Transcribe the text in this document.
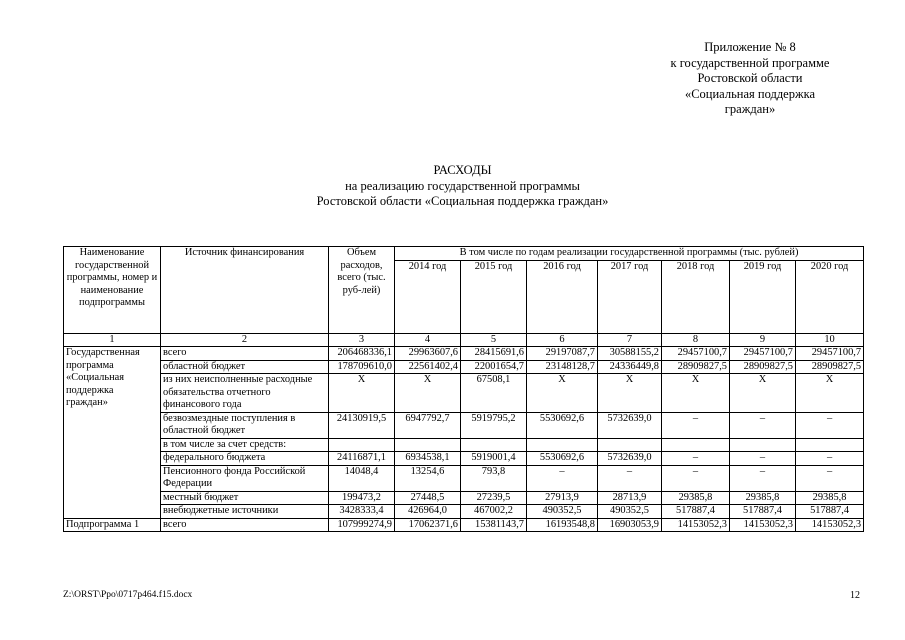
Приложение № 8
к государственной программе
Ростовской области
«Социальная поддержка
граждан»
РАСХОДЫ
на реализацию государственной программы
Ростовской области «Социальная поддержка граждан»
Наименование государственной программы, номер и наименование подпрограммы	Источник финансирования	Объем расходов, всего (тыс. руб-лей)	В том числе по годам реализации государственной программы (тыс. рублей)						
			2014 год	2015 год	2016 год	2017 год	2018 год	2019 год	2020 год
1	2	3	4	5	6	7	8	9	10
Государственная программа «Социальная поддержка граждан»	всего	206468336,1	29963607,6	28415691,6	29197087,7	30588155,2	29457100,7	29457100,7	29457100,7
	областной бюджет	178709610,0	22561402,4	22001654,7	23148128,7	24336449,8	28909827,5	28909827,5	28909827,5
	из них неисполненные расходные обязательства отчетного финансового года	X	X	67508,1	X	X	X	X	X
	безвозмездные поступления в областной бюджет	24130919,5	6947792,7	5919795,2	5530692,6	5732639,0	–	–	–
	в том числе за счет средств:								
	федерального бюджета	24116871,1	6934538,1	5919001,4	5530692,6	5732639,0	–	–	–
	Пенсионного фонда Российской Федерации	14048,4	13254,6	793,8	–	–	–	–	–
	местный бюджет	199473,2	27448,5	27239,5	27913,9	28713,9	29385,8	29385,8	29385,8
	внебюджетные источники	3428333,4	426964,0	467002,2	490352,5	490352,5	517887,4	517887,4	517887,4
Подпрограмма 1	всего	107999274,9	17062371,6	15381143,7	16193548,8	16903053,9	14153052,3	14153052,3	14153052,3
Z:\ORST\Ppo\0717p464.f15.docx	12
